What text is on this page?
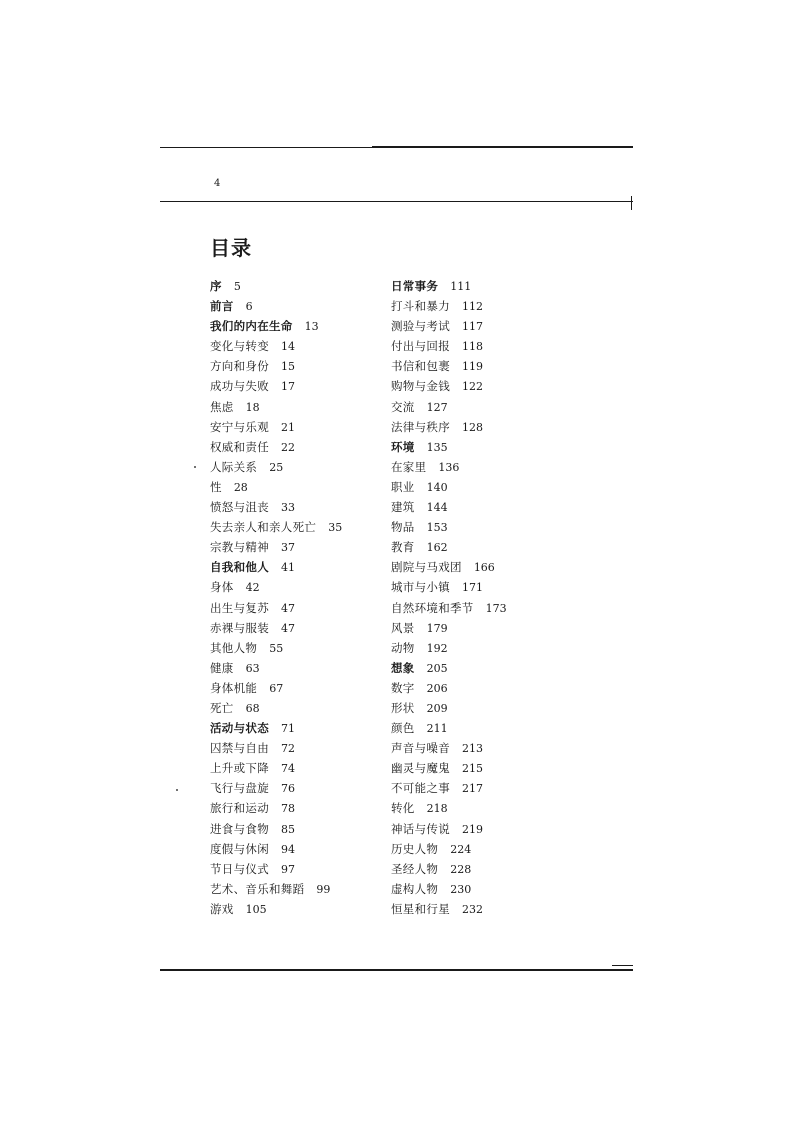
4
目录
序 5
前言 6
我们的内在生命 13
变化与转变 14
方向和身份 15
成功与失败 17
焦虑 18
安宁与乐观 21
权威和责任 22
人际关系 25
性 28
愤怒与沮丧 33
失去亲人和亲人死亡 35
宗教与精神 37
自我和他人 41
身体 42
出生与复苏 47
赤裸与服装 47
其他人物 55
健康 63
身体机能 67
死亡 68
活动与状态 71
囚禁与自由 72
上升或下降 74
飞行与盘旋 76
旅行和运动 78
进食与食物 85
度假与休闲 94
节日与仪式 97
艺术、音乐和舞蹈 99
游戏 105
日常事务 111
打斗和暴力 112
测验与考试 117
付出与回报 118
书信和包裹 119
购物与金钱 122
交流 127
法律与秩序 128
环境 135
在家里 136
职业 140
建筑 144
物品 153
教育 162
剧院与马戏团 166
城市与小镇 171
自然环境和季节 173
风景 179
动物 192
想象 205
数字 206
形状 209
颜色 211
声音与噪音 213
幽灵与魔鬼 215
不可能之事 217
转化 218
神话与传说 219
历史人物 224
圣经人物 228
虚构人物 230
恒星和行星 232
